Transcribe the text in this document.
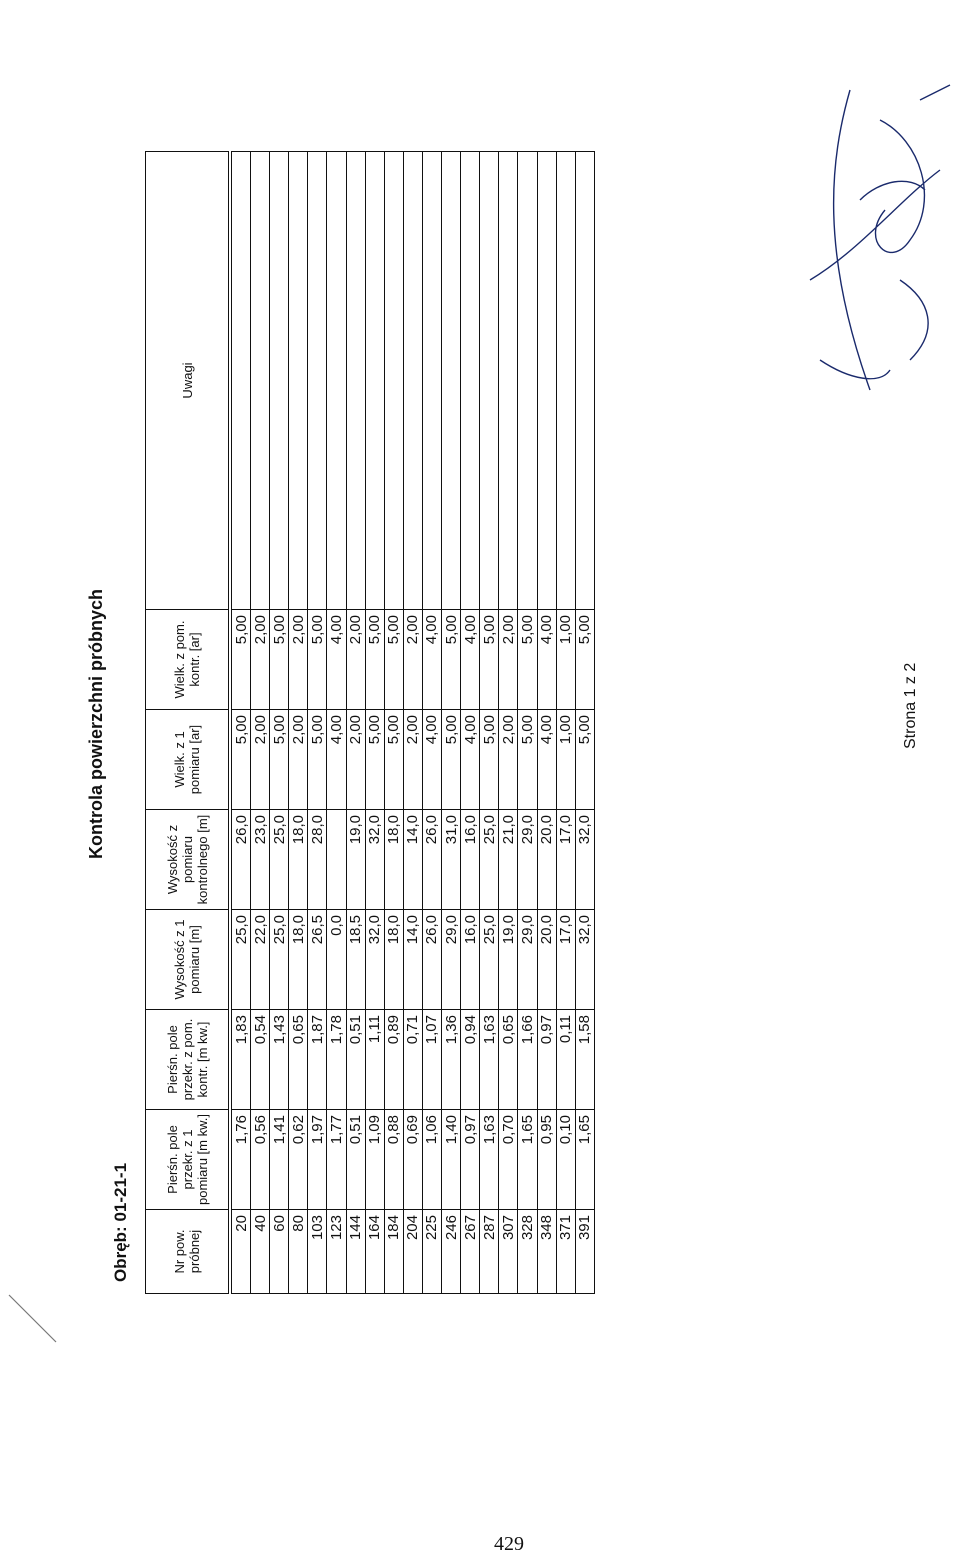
Kontrola powierzchni próbnych
Obręb: 01-21-1	Nr pow. próbnej	Pierśn. pole przekr. z 1 pomiaru [m kw.]	Pierśn. pole przekr. z pom. kontr. [m kw.]	Wysokość z 1 pomiaru [m]	Wysokość z pomiaru kontrolnego [m]	Wielk. z 1 pomiaru [ar]	Wielk. z pom. kontr. [ar]	Uwagi
20	1,76	1,83	25,0	26,0	5,00	5,00	
40	0,56	0,54	22,0	23,0	2,00	2,00	
60	1,41	1,43	25,0	25,0	5,00	5,00	
80	0,62	0,65	18,0	18,0	2,00	2,00	
103	1,97	1,87	26,5	28,0	5,00	5,00	
123	1,77	1,78	0,0		4,00	4,00	
144	0,51	0,51	18,5	19,0	2,00	2,00	
164	1,09	1,11	32,0	32,0	5,00	5,00	
184	0,88	0,89	18,0	18,0	5,00	5,00	
204	0,69	0,71	14,0	14,0	2,00	2,00	
225	1,06	1,07	26,0	26,0	4,00	4,00	
246	1,40	1,36	29,0	31,0	5,00	5,00	
267	0,97	0,94	16,0	16,0	4,00	4,00	
287	1,63	1,63	25,0	25,0	5,00	5,00	
307	0,70	0,65	19,0	21,0	2,00	2,00	
328	1,65	1,66	29,0	29,0	5,00	5,00	
348	0,95	0,97	20,0	20,0	4,00	4,00	
371	0,10	0,11	17,0	17,0	1,00	1,00	
391	1,65	1,58	32,0	32,0	5,00	5,00	
Strona 1 z 2
429
